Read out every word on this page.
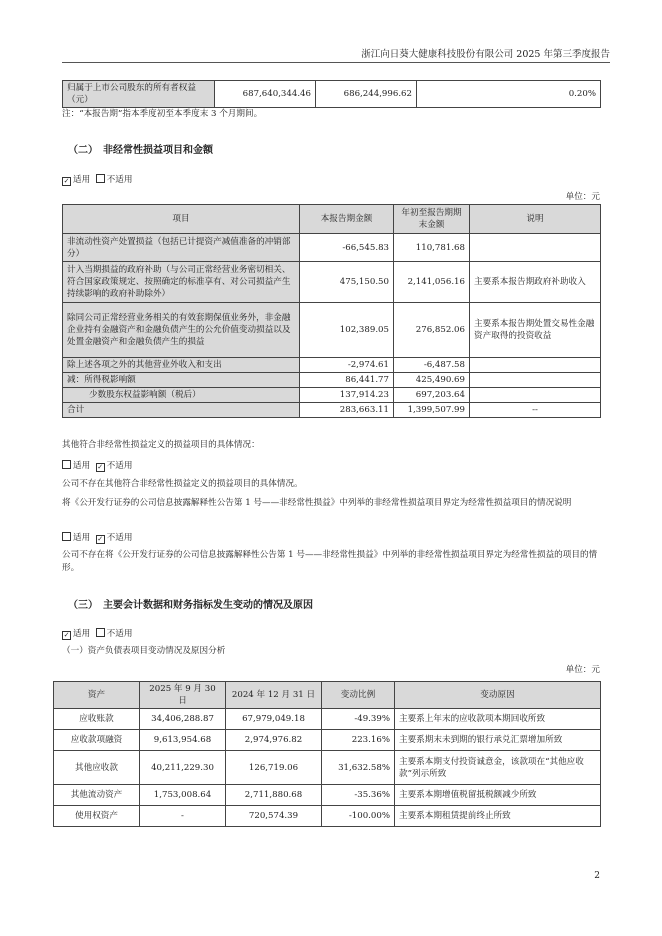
浙江向日葵大健康科技股份有限公司 2025 年第三季度报告
归属于上市公司股东的所有者权益（元）	687,640,344.46	686,244,996.62	0.20%
注：“本报告期”指本季度初至本季度末 3 个月期间。
（二）　非经常性损益项目和金额
✓ 适用 不适用
单位：元
项目	本报告期金额	年初至报告期期末金额	说明
非流动性资产处置损益（包括已计提资产减值准备的冲销部分）	-66,545.83	110,781.68	
计入当期损益的政府补助（与公司正常经营业务密切相关、符合国家政策规定、按照确定的标准享有、对公司损益产生持续影响的政府补助除外）	475,150.50	2,141,056.16	主要系本报告期政府补助收入
除同公司正常经营业务相关的有效套期保值业务外，非金融企业持有金融资产和金融负债产生的公允价值变动损益以及处置金融资产和金融负债产生的损益	102,389.05	276,852.06	主要系本报告期处置交易性金融资产取得的投资收益
除上述各项之外的其他营业外收入和支出	-2,974.61	-6,487.58	
减：所得税影响额	86,441.77	425,490.69	
少数股东权益影响额（税后）	137,914.23	697,203.64	
合计	283,663.11	1,399,507.99	--
其他符合非经常性损益定义的损益项目的具体情况：
适用 ✓ 不适用
公司不存在其他符合非经常性损益定义的损益项目的具体情况。
将《公开发行证券的公司信息披露解释性公告第 1 号——非经常性损益》中列举的非经常性损益项目界定为经常性损益项目的情况说明
适用 ✓ 不适用
公司不存在将《公开发行证券的公司信息披露解释性公告第 1 号——非经常性损益》中列举的非经常性损益项目界定为经常性损益的项目的情形。
（三）　主要会计数据和财务指标发生变动的情况及原因
✓ 适用 不适用
（一）资产负债表项目变动情况及原因分析
单位：元
资产	2025 年 9 月 30 日	2024 年 12 月 31 日	变动比例	变动原因
应收账款	34,406,288.87	67,979,049.18	-49.39%	主要系上年末的应收款项本期回收所致
应收款项融资	9,613,954.68	2,974,976.82	223.16%	主要系期末未到期的银行承兑汇票增加所致
其他应收款	40,211,229.30	126,719.06	31,632.58%	主要系本期支付投资诚意金，该款项在“其他应收款”列示所致
其他流动资产	1,753,008.64	2,711,880.68	-35.36%	主要系本期增值税留抵税额减少所致
使用权资产	-	720,574.39	-100.00%	主要系本期租赁提前终止所致
2
